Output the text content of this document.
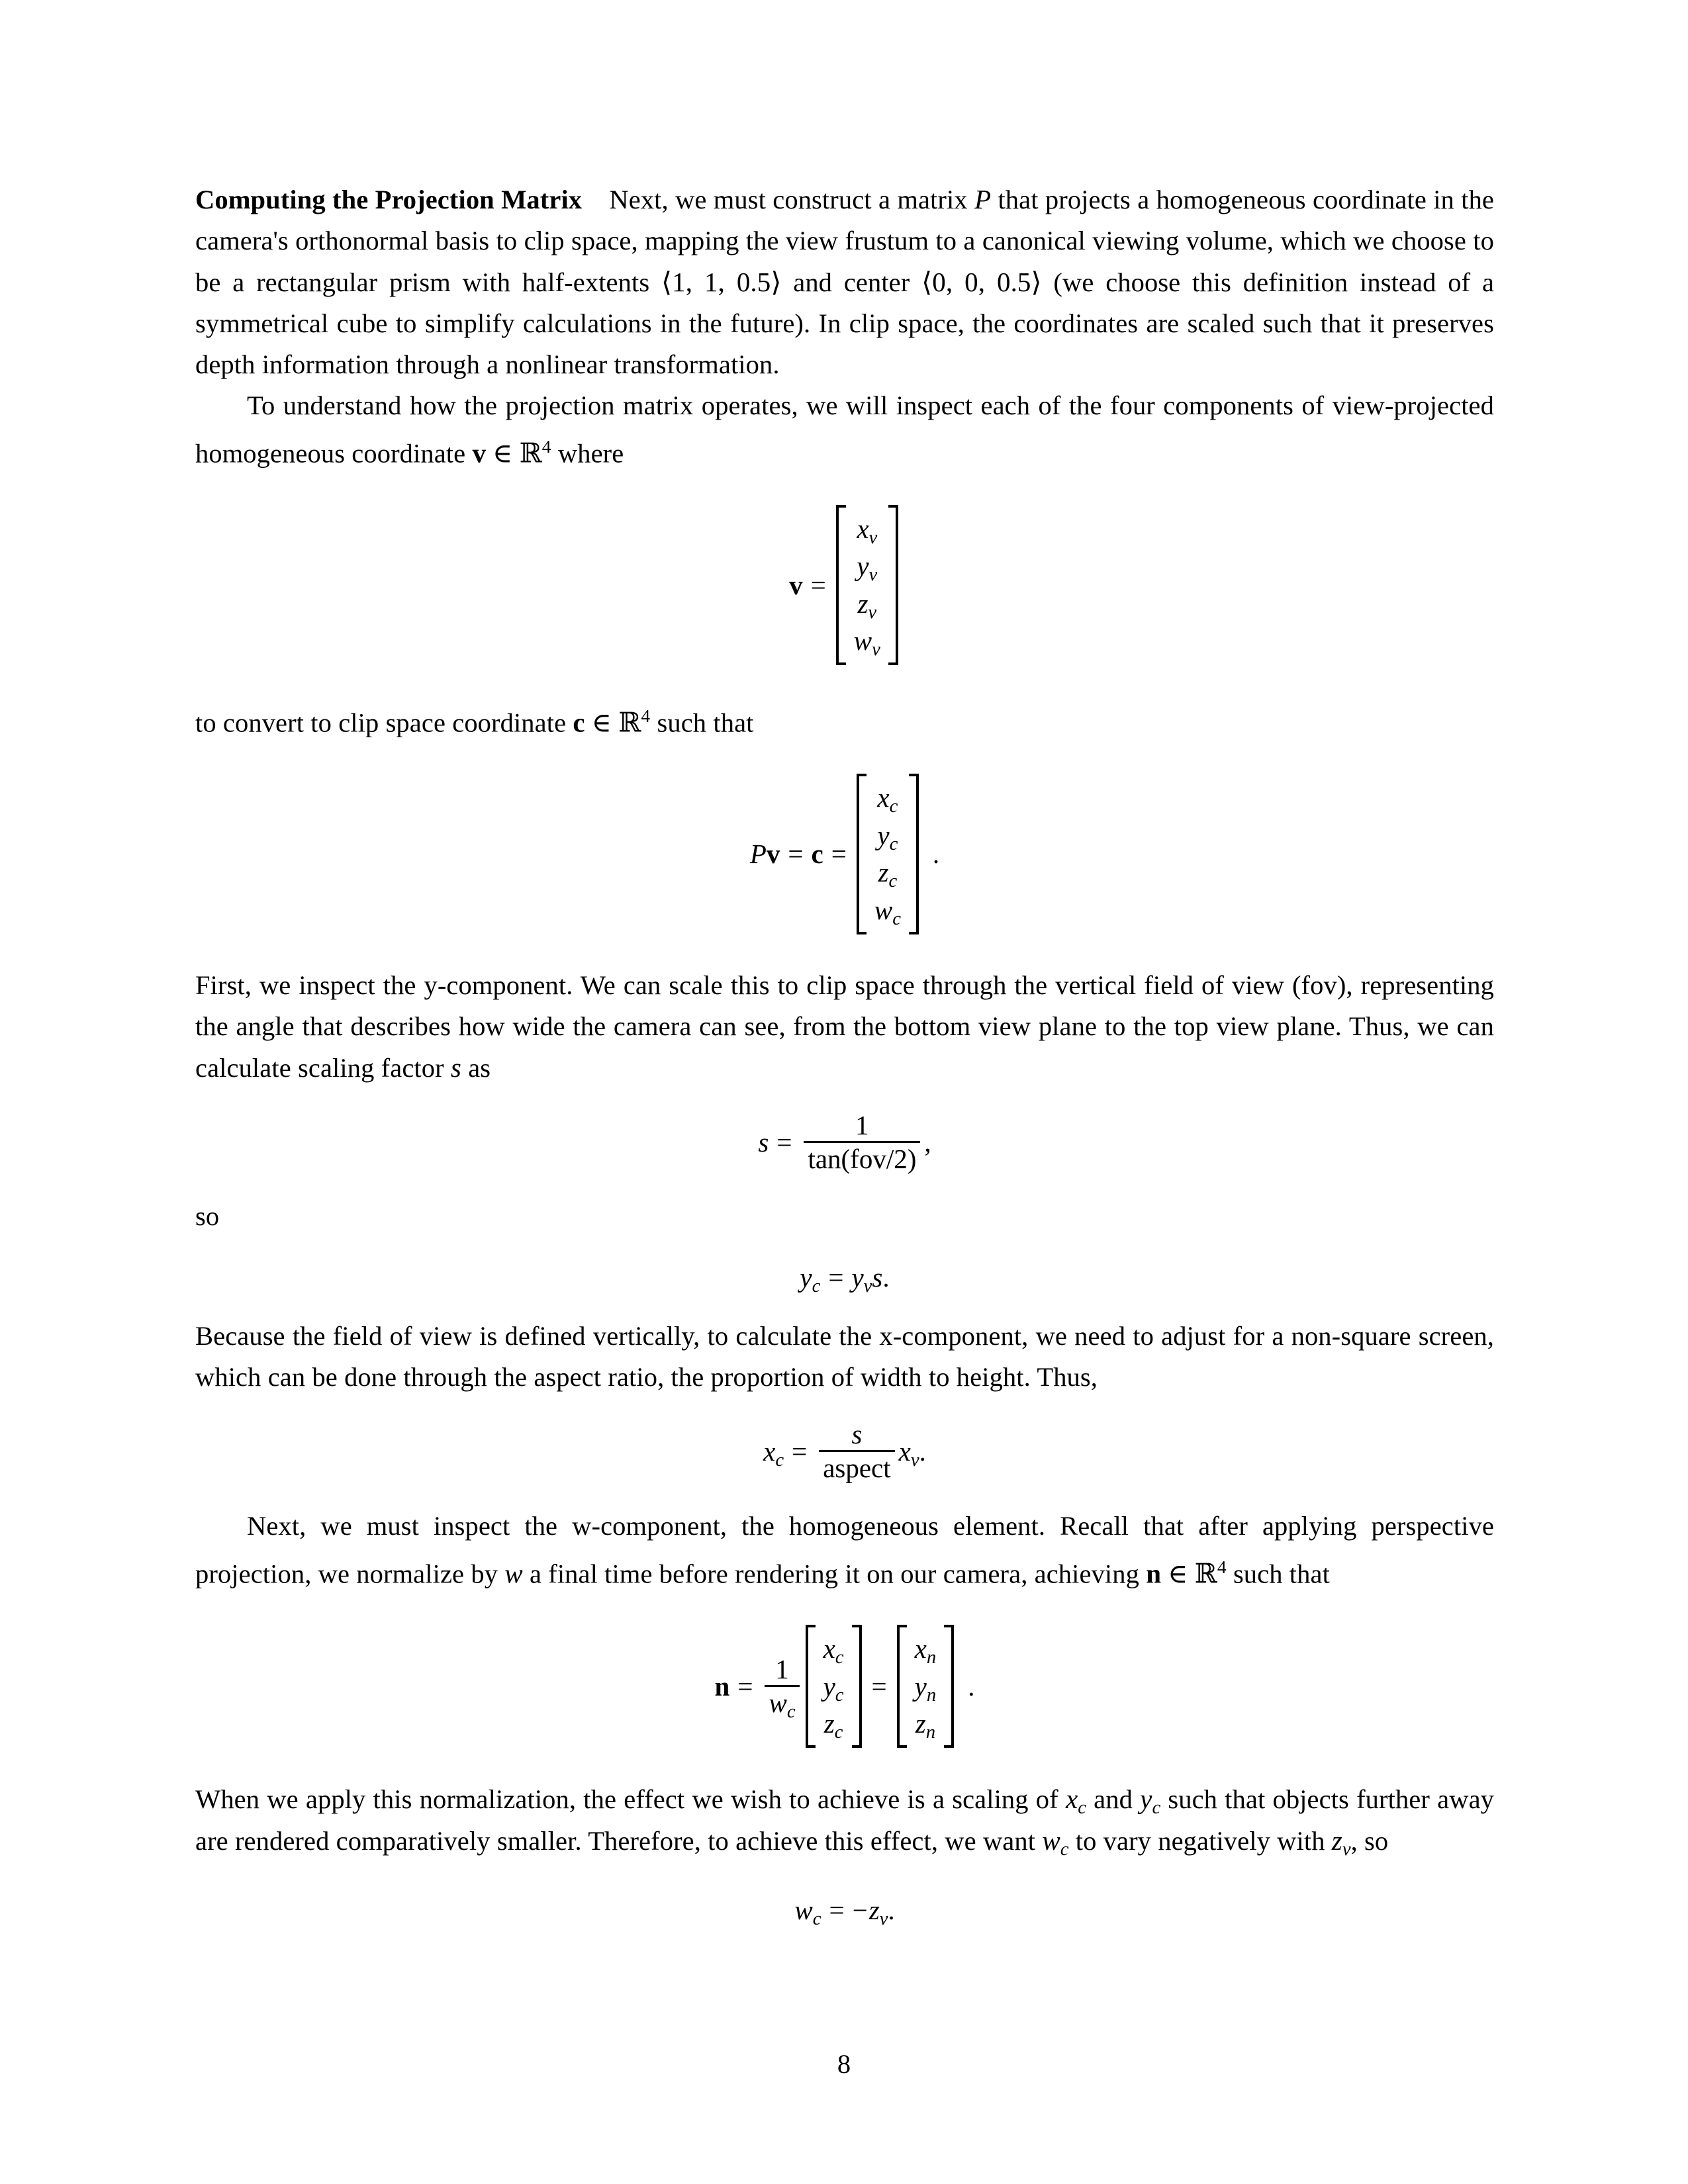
Computing the Projection Matrix Next, we must construct a matrix P that projects a homogeneous coordinate in the camera's orthonormal basis to clip space, mapping the view frustum to a canonical viewing volume, which we choose to be a rectangular prism with half-extents ⟨1, 1, 0.5⟩ and center ⟨0, 0, 0.5⟩ (we choose this definition instead of a symmetrical cube to simplify calculations in the future). In clip space, the coordinates are scaled such that it preserves depth information through a nonlinear transformation.

To understand how the projection matrix operates, we will inspect each of the four components of view-projected homogeneous coordinate v ∈ ℝ$^4$ where

v =
$x_v$
$y_v$
$z_v$
$w_v$

to convert to clip space coordinate c ∈ ℝ$^4$ such that

P v = c =
$x_c$
$y_c$
$z_c$
$w_c$
.

First, we inspect the y-component. We can scale this to clip space through the vertical field of view (fov), representing the angle that describes how wide the camera can see, from the bottom view plane to the top view plane. Thus, we can calculate scaling factor s as

$s = \frac{1}{\text{tan(fov/2)}}$ ,

so

$y_c = y_vs$ .

Because the field of view is defined vertically, to calculate the x-component, we need to adjust for a non-square screen, which can be done through the aspect ratio, the proportion of width to height. Thus,

$x_c = \frac{s}{\text{aspect}} x_v$ .

Next, we must inspect the w-component, the homogeneous element. Recall that after applying perspective projection, we normalize by w a final time before rendering it on our camera, achieving n ∈ ℝ$^4$ such that

$n = \frac{1}{w_c}$
$x_c$
$y_c$
$z_c$
=
$x_n$
$y_n$
$z_n$
.

When we apply this normalization, the effect we wish to achieve is a scaling of $x_c$ and $y_c$ such that objects further away are rendered comparatively smaller. Therefore, to achieve this effect, we want $w_c$ to vary negatively with $z_v$, so

$w_c$ = − $z_v$ .
8
